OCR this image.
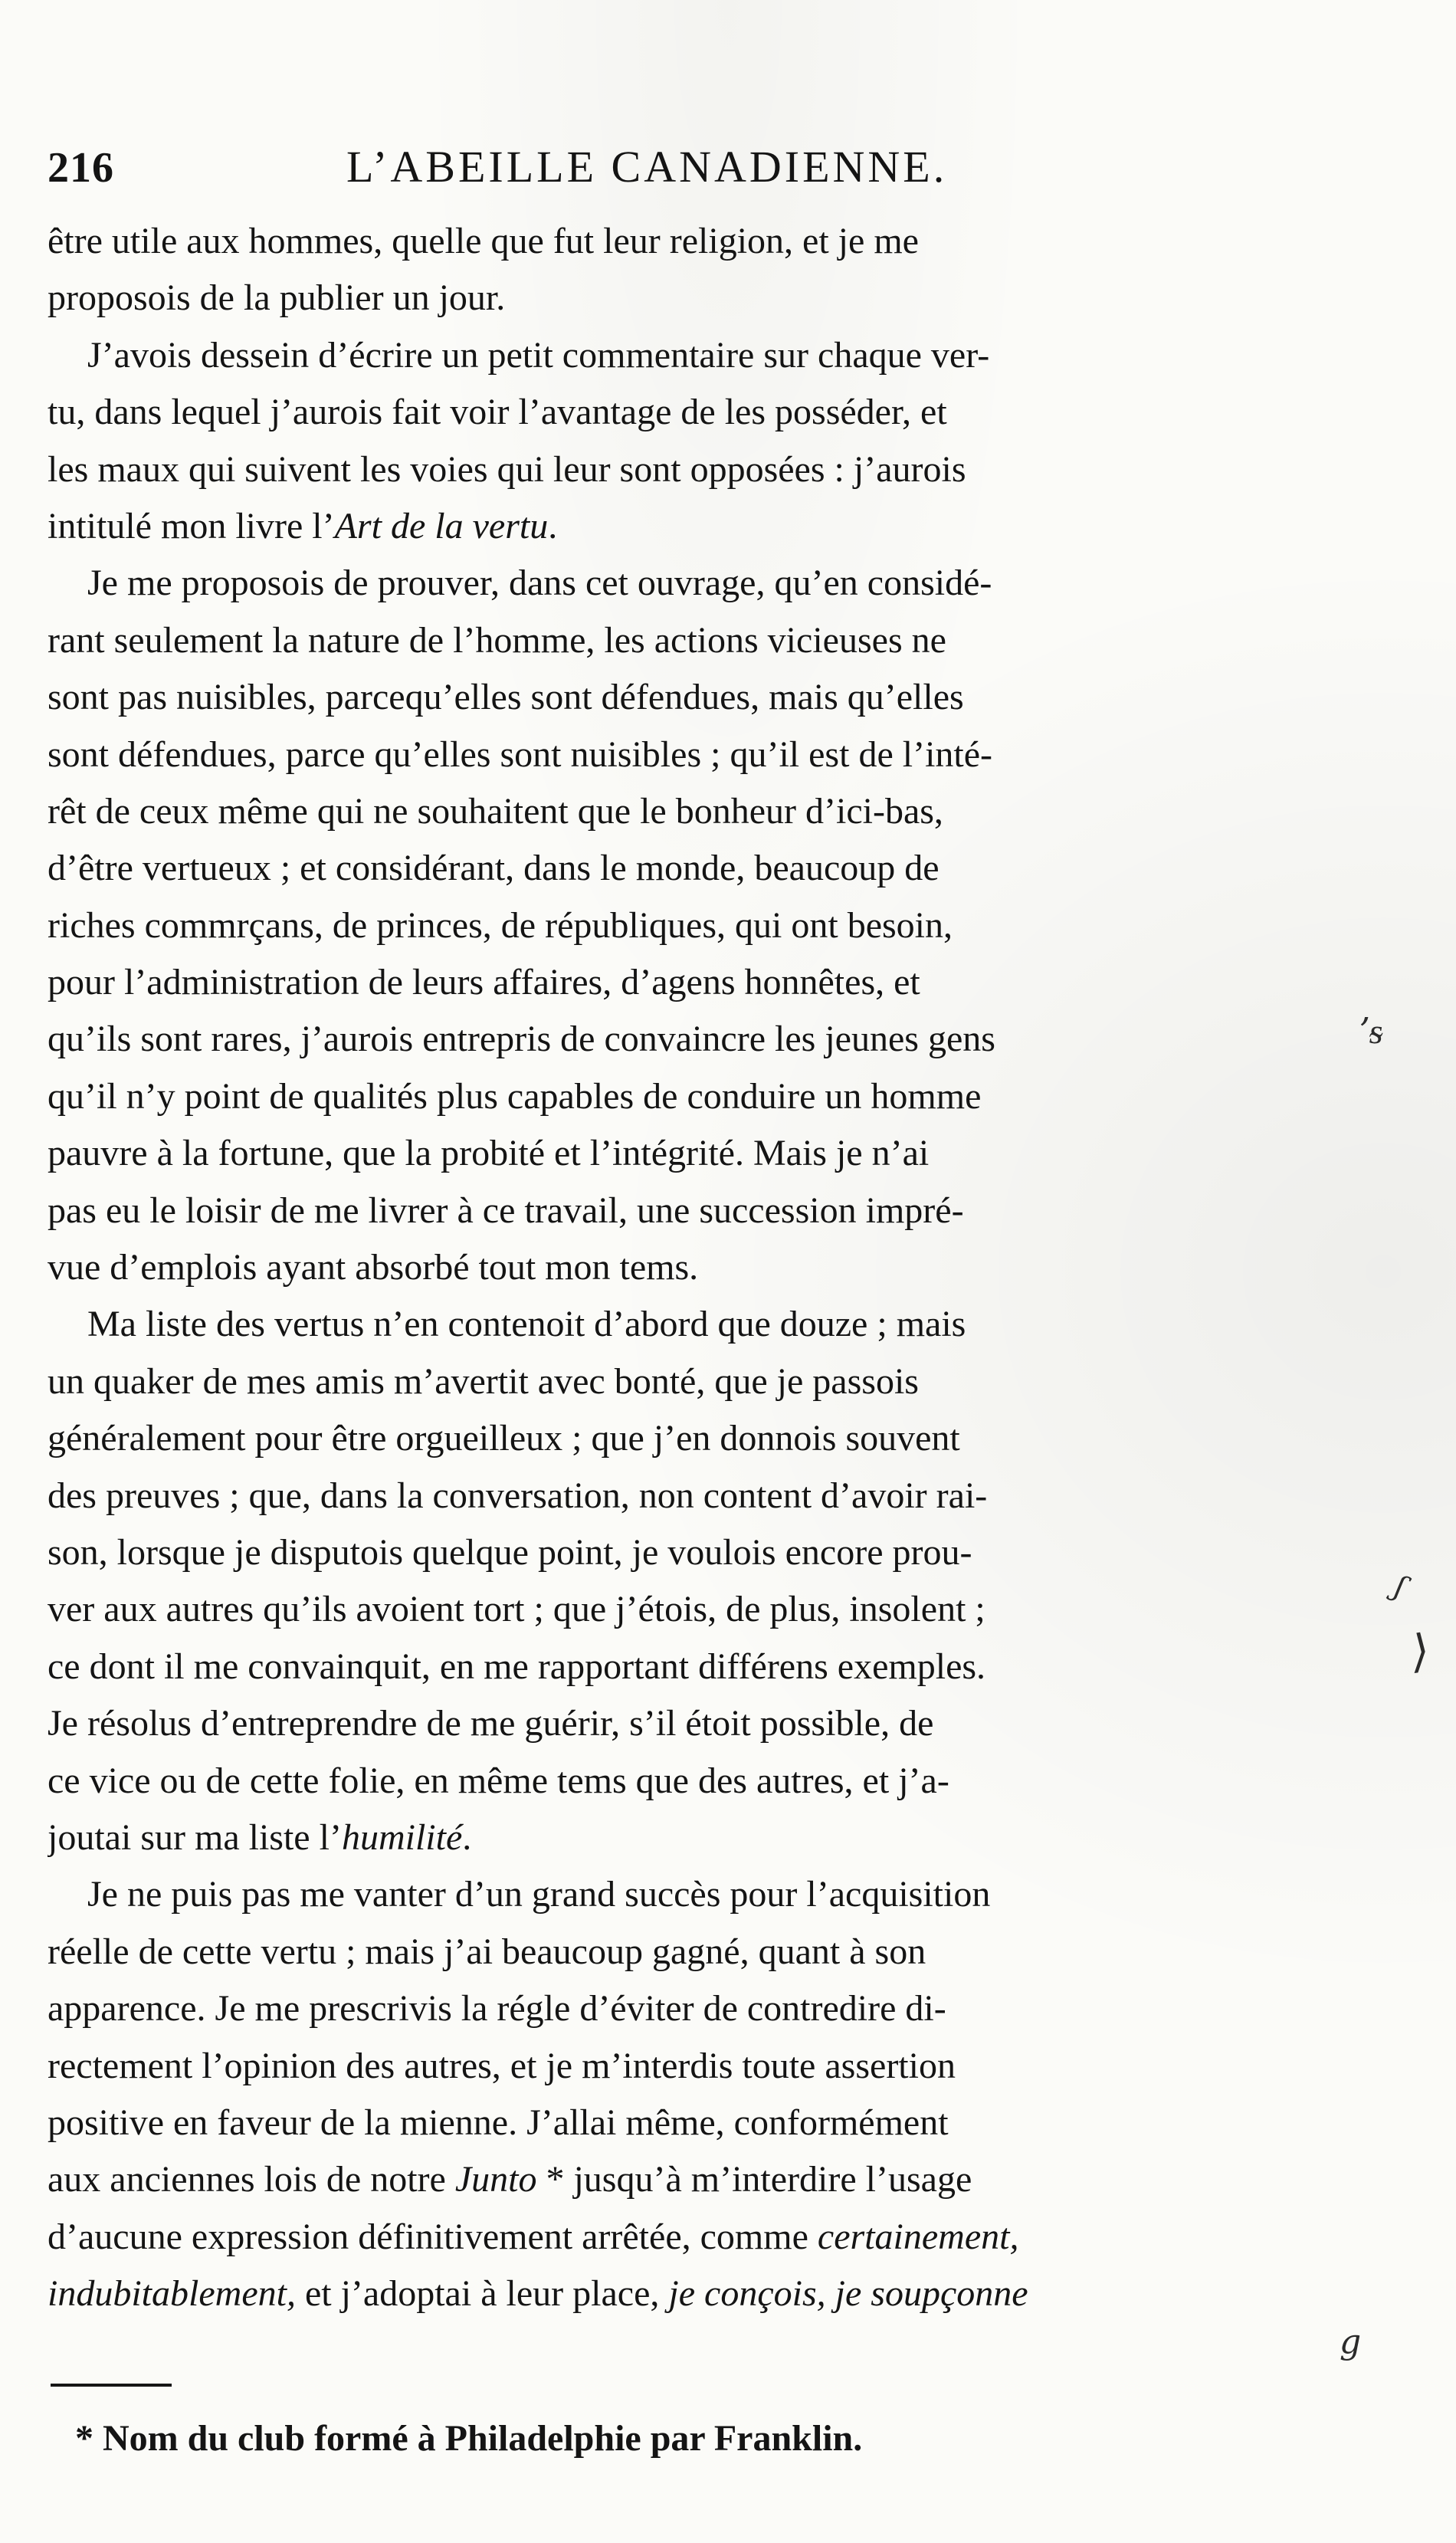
216	L’ABEILLE CANADIENNE.

être utile aux hommes, quelle que fut leur religion, et je me
proposois de la publier un jour.

J’avois dessein d’écrire un petit commentaire sur chaque ver-
tu, dans lequel j’aurois fait voir l’avantage de les posséder, et
les maux qui suivent les voies qui leur sont opposées : j’aurois
intitulé mon livre l’Art de la vertu.

Je me proposois de prouver, dans cet ouvrage, qu’en considé-
rant seulement la nature de l’homme, les actions vicieuses ne
sont pas nuisibles, parcequ’elles sont défendues, mais qu’elles
sont défendues, parce qu’elles sont nuisibles ; qu’il est de l’inté-
rêt de ceux même qui ne souhaitent que le bonheur d’ici-bas,
d’être vertueux ; et considérant, dans le monde, beaucoup de
riches commrçans, de princes, de républiques, qui ont besoin,
pour l’administration de leurs affaires, d’agens honnêtes, et
qu’ils sont rares, j’aurois entrepris de convaincre les jeunes gens
qu’il n’y point de qualités plus capables de conduire un homme
pauvre à la fortune, que la probité et l’intégrité. Mais je n’ai
pas eu le loisir de me livrer à ce travail, une succession impré-
vue d’emplois ayant absorbé tout mon tems.

Ma liste des vertus n’en contenoit d’abord que douze ; mais
un quaker de mes amis m’avertit avec bonté, que je passois
généralement pour être orgueilleux ; que j’en donnois souvent
des preuves ; que, dans la conversation, non content d’avoir rai-
son, lorsque je disputois quelque point, je voulois encore prou-
ver aux autres qu’ils avoient tort ; que j’étois, de plus, insolent ;
ce dont il me convainquit, en me rapportant différens exemples.
Je résolus d’entreprendre de me guérir, s’il étoit possible, de
ce vice ou de cette folie, en même tems que des autres, et j’a-
joutai sur ma liste l’humilité.

Je ne puis pas me vanter d’un grand succès pour l’acquisition
réelle de cette vertu ; mais j’ai beaucoup gagné, quant à son
apparence. Je me prescrivis la régle d’éviter de contredire di-
rectement l’opinion des autres, et je m’interdis toute assertion
positive en faveur de la mienne. J’allai même, conformément
aux anciennes lois de notre Junto * jusqu’à m’interdire l’usage
d’aucune expression définitivement arrêtée, comme certainement,
indubitablement, et j’adoptai à leur place, je conçois, je soupçonne

* Nom du club formé à Philadelphie par Franklin.
ʼᵴ
ʃ
⟩
𝑔
